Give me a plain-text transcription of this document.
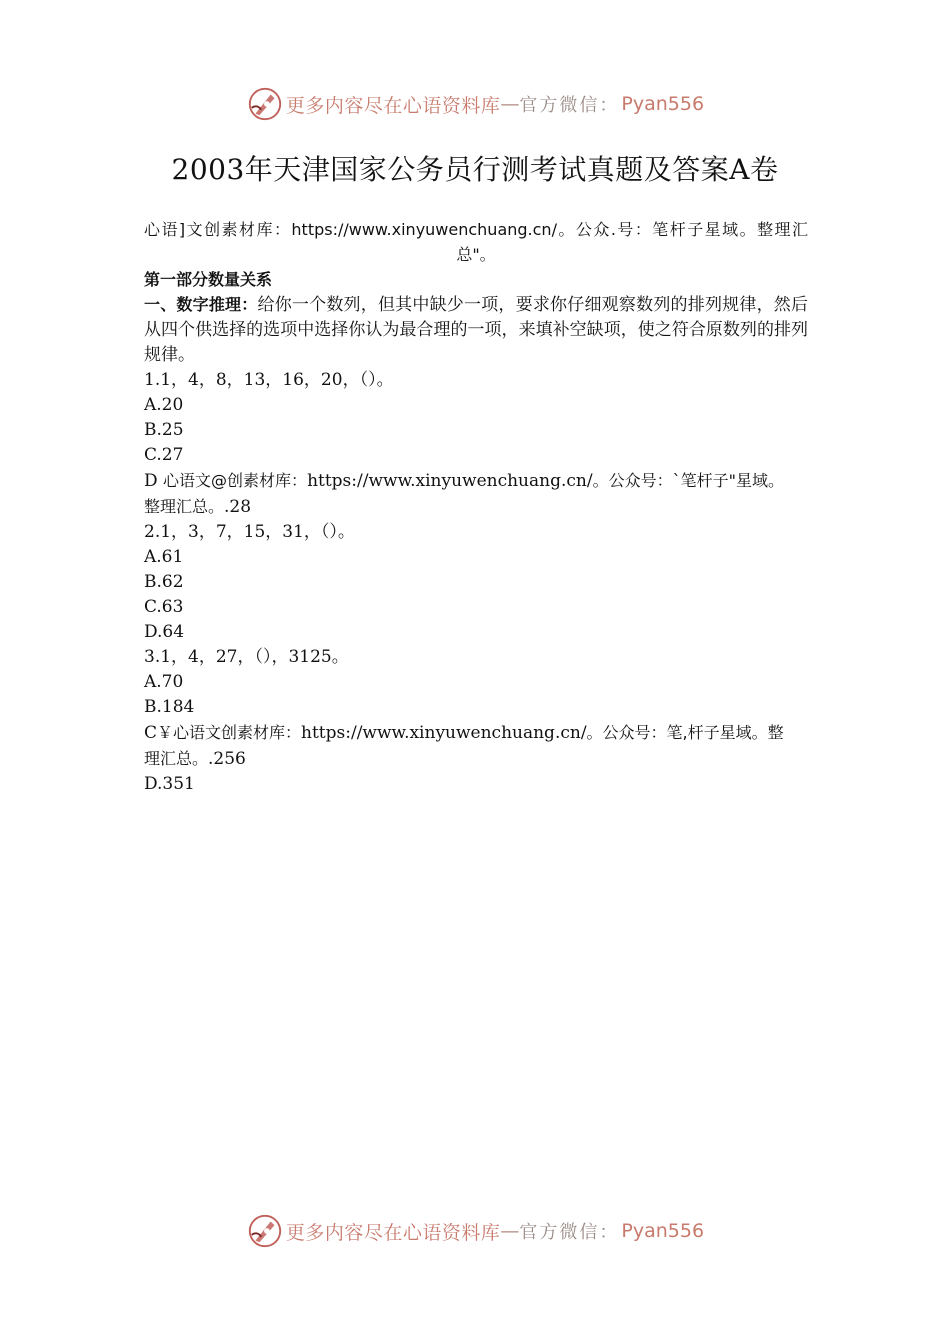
更多内容尽在心语资料库 — 官方微信： Pyan556
2003年天津国家公务员行测考试真题及答案A卷
心语]文创素材库：https://www.xinyuwenchuang.cn/。公众.号：笔杆子星域。整理汇
总"。
第一部分数量关系
一、数字推理：给你一个数列，但其中缺少一项，要求你仔细观察数列的排列规律，然后从四个供选择的选项中选择你认为最合理的一项，来填补空缺项，使之符合原数列的排列规律。
1.1，4，8，13，16，20，（）。
A.20
B.25
C.27
D 心语文@创素材库：https://www.xinyuwenchuang.cn/。公众号：`笔杆子"星域。
整理汇总。.28
2.1，3，7，15，31，（）。
A.61
B.62
C.63
D.64
3.1，4，27，（），3125。
A.70
B.184
C￥心语文创素材库：https://www.xinyuwenchuang.cn/。公众号：笔,杆子星域。整
理汇总。.256
D.351
更多内容尽在心语资料库 — 官方微信： Pyan556
